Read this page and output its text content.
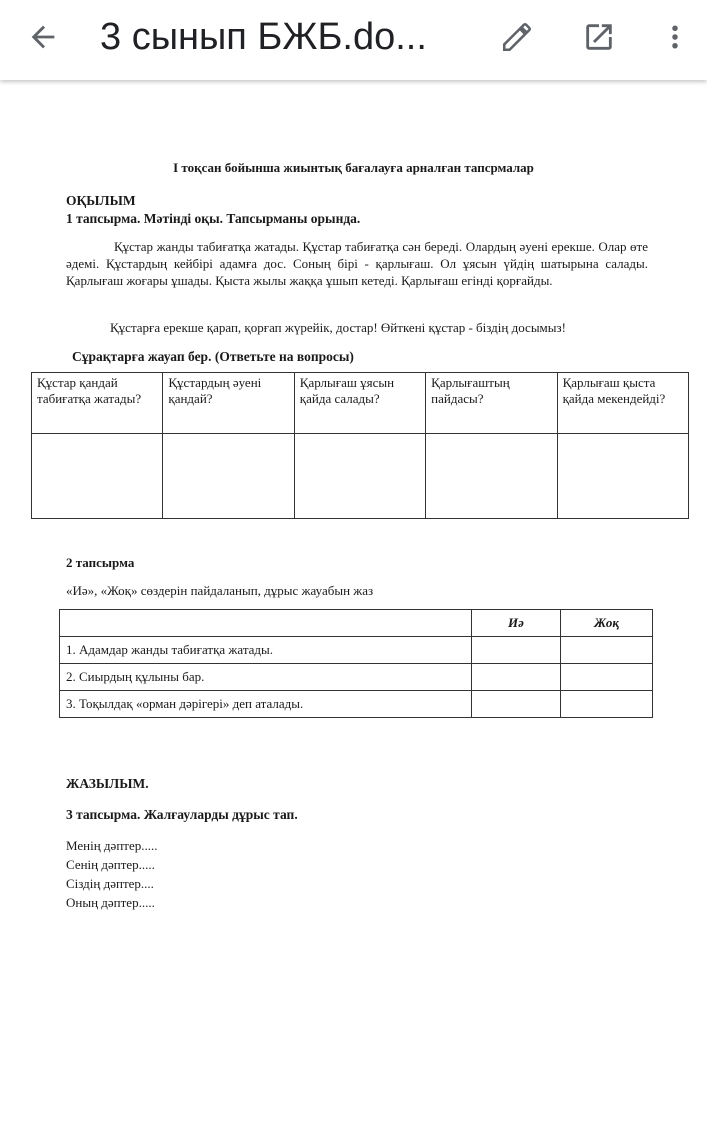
3 сынып БЖБ.do...
І тоқсан бойынша жиынтық бағалауға арналған тапсрмалар
ОҚЫЛЫМ
1 тапсырма. Мәтінді оқы. Тапсырманы орында.
Құстар жанды табиғатқа жатады. Құстар табиғатқа сән береді. Олардың әуені ерекше. Олар өте әдемі. Құстардың кейбірі адамға дос. Соның бірі - қарлығаш. Ол ұясын үйдің шатырына салады. Қарлығаш жоғары ұшады. Қыста жылы жаққа ұшып кетеді. Қарлығаш егінді қорғайды.
Құстарға ерекше қарап, қорғап жүрейік, достар! Өйткені құстар - біздің досымыз!
Сұрақтарға жауап бер. (Ответьте на вопросы)
Құстар қандай табиғатқа жатады?	Құстардың әуені қандай?	Қарлығаш ұясын қайда салады?	Қарлығаштың пайдасы?	Қарлығаш қыста қайда мекендейді?

2 тапсырма
«Иә», «Жоқ» сөздерін пайдаланып, дұрыс жауабын жаз
	Иә	Жоқ
1. Адамдар жанды табиғатқа жатады.		
2. Сиырдың құлыны бар.		
3. Тоқылдақ «орман дәрігері» деп аталады.		
ЖАЗЫЛЫМ.
3 тапсырма. Жалғауларды дұрыс тап.
Менің дәптер.....
Сенің дәптер.....
Сіздің дәптер....
Оның дәптер.....
